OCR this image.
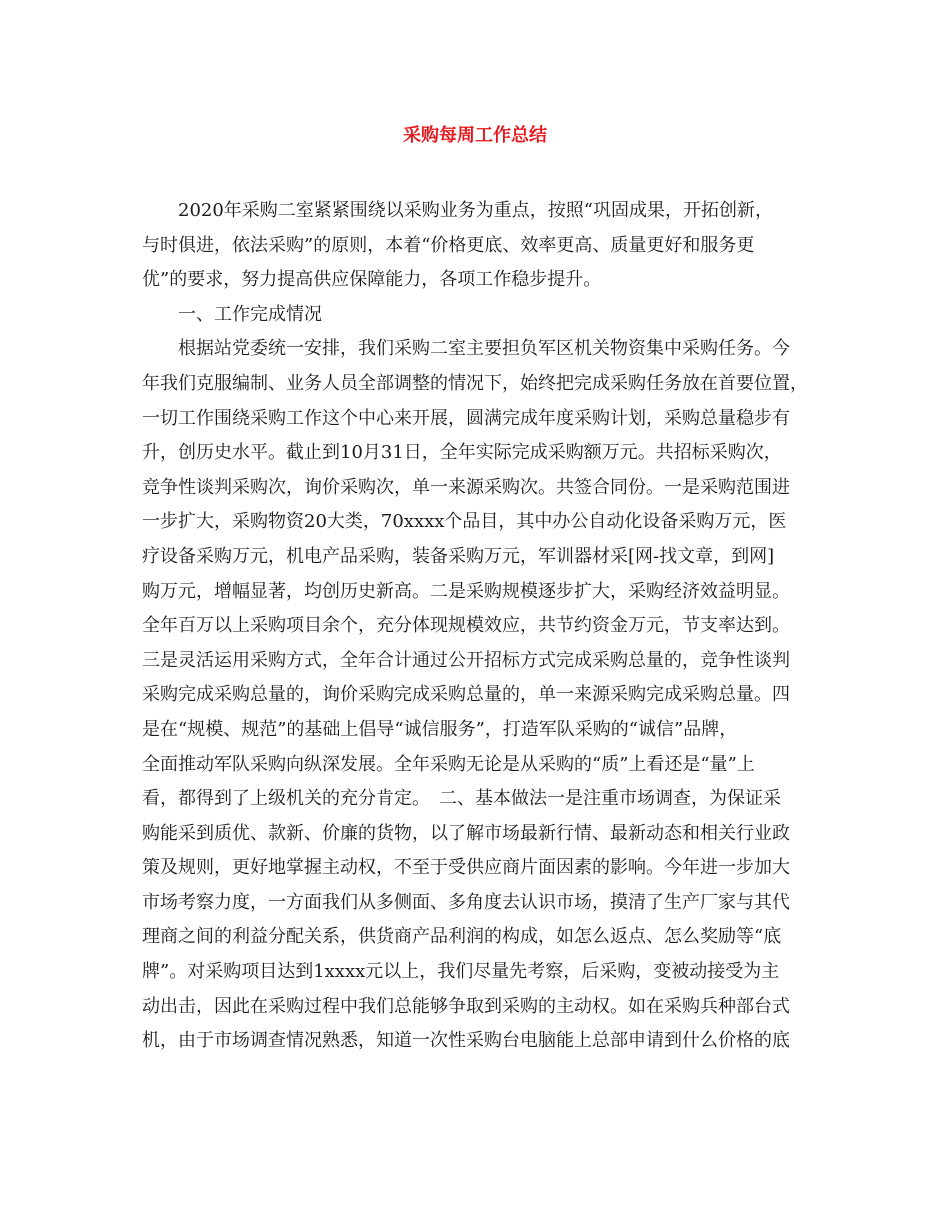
采购每周工作总结
2020年采购二室紧紧围绕以采购业务为重点，按照“巩固成果，开拓创新，
与时俱进，依法采购”的原则，本着“价格更底、效率更高、质量更好和服务更
优”的要求，努力提高供应保障能力，各项工作稳步提升。
一、工作完成情况
根据站党委统一安排，我们采购二室主要担负军区机关物资集中采购任务。今
年我们克服编制、业务人员全部调整的情况下，始终把完成采购任务放在首要位置，
一切工作围绕采购工作这个中心来开展，圆满完成年度采购计划，采购总量稳步有
升，创历史水平。截止到10月31日，全年实际完成采购额万元。共招标采购次，
竞争性谈判采购次，询价采购次，单一来源采购次。共签合同份。一是采购范围进
一步扩大，采购物资20大类，70xxxx个品目，其中办公自动化设备采购万元，医
疗设备采购万元，机电产品采购，装备采购万元，军训器材采[网-找文章，到网]
购万元，增幅显著，均创历史新高。二是采购规模逐步扩大，采购经济效益明显。
全年百万以上采购项目余个，充分体现规模效应，共节约资金万元，节支率达到。
三是灵活运用采购方式，全年合计通过公开招标方式完成采购总量的，竞争性谈判
采购完成采购总量的，询价采购完成采购总量的，单一来源采购完成采购总量。四
是在“规模、规范”的基础上倡导“诚信服务”，打造军队采购的“诚信”品牌，
全面推动军队采购向纵深发展。全年采购无论是从采购的“质”上看还是“量”上
看，都得到了上级机关的充分肯定。　二、基本做法一是注重市场调查，为保证采
购能采到质优、款新、价廉的货物，以了解市场最新行情、最新动态和相关行业政
策及规则，更好地掌握主动权，不至于受供应商片面因素的影响。今年进一步加大
市场考察力度，一方面我们从多侧面、多角度去认识市场，摸清了生产厂家与其代
理商之间的利益分配关系，供货商产品利润的构成，如怎么返点、怎么奖励等“底
牌”。对采购项目达到1xxxx元以上，我们尽量先考察，后采购，变被动接受为主
动出击，因此在采购过程中我们总能够争取到采购的主动权。如在采购兵种部台式
机，由于市场调查情况熟悉，知道一次性采购台电脑能上总部申请到什么价格的底
